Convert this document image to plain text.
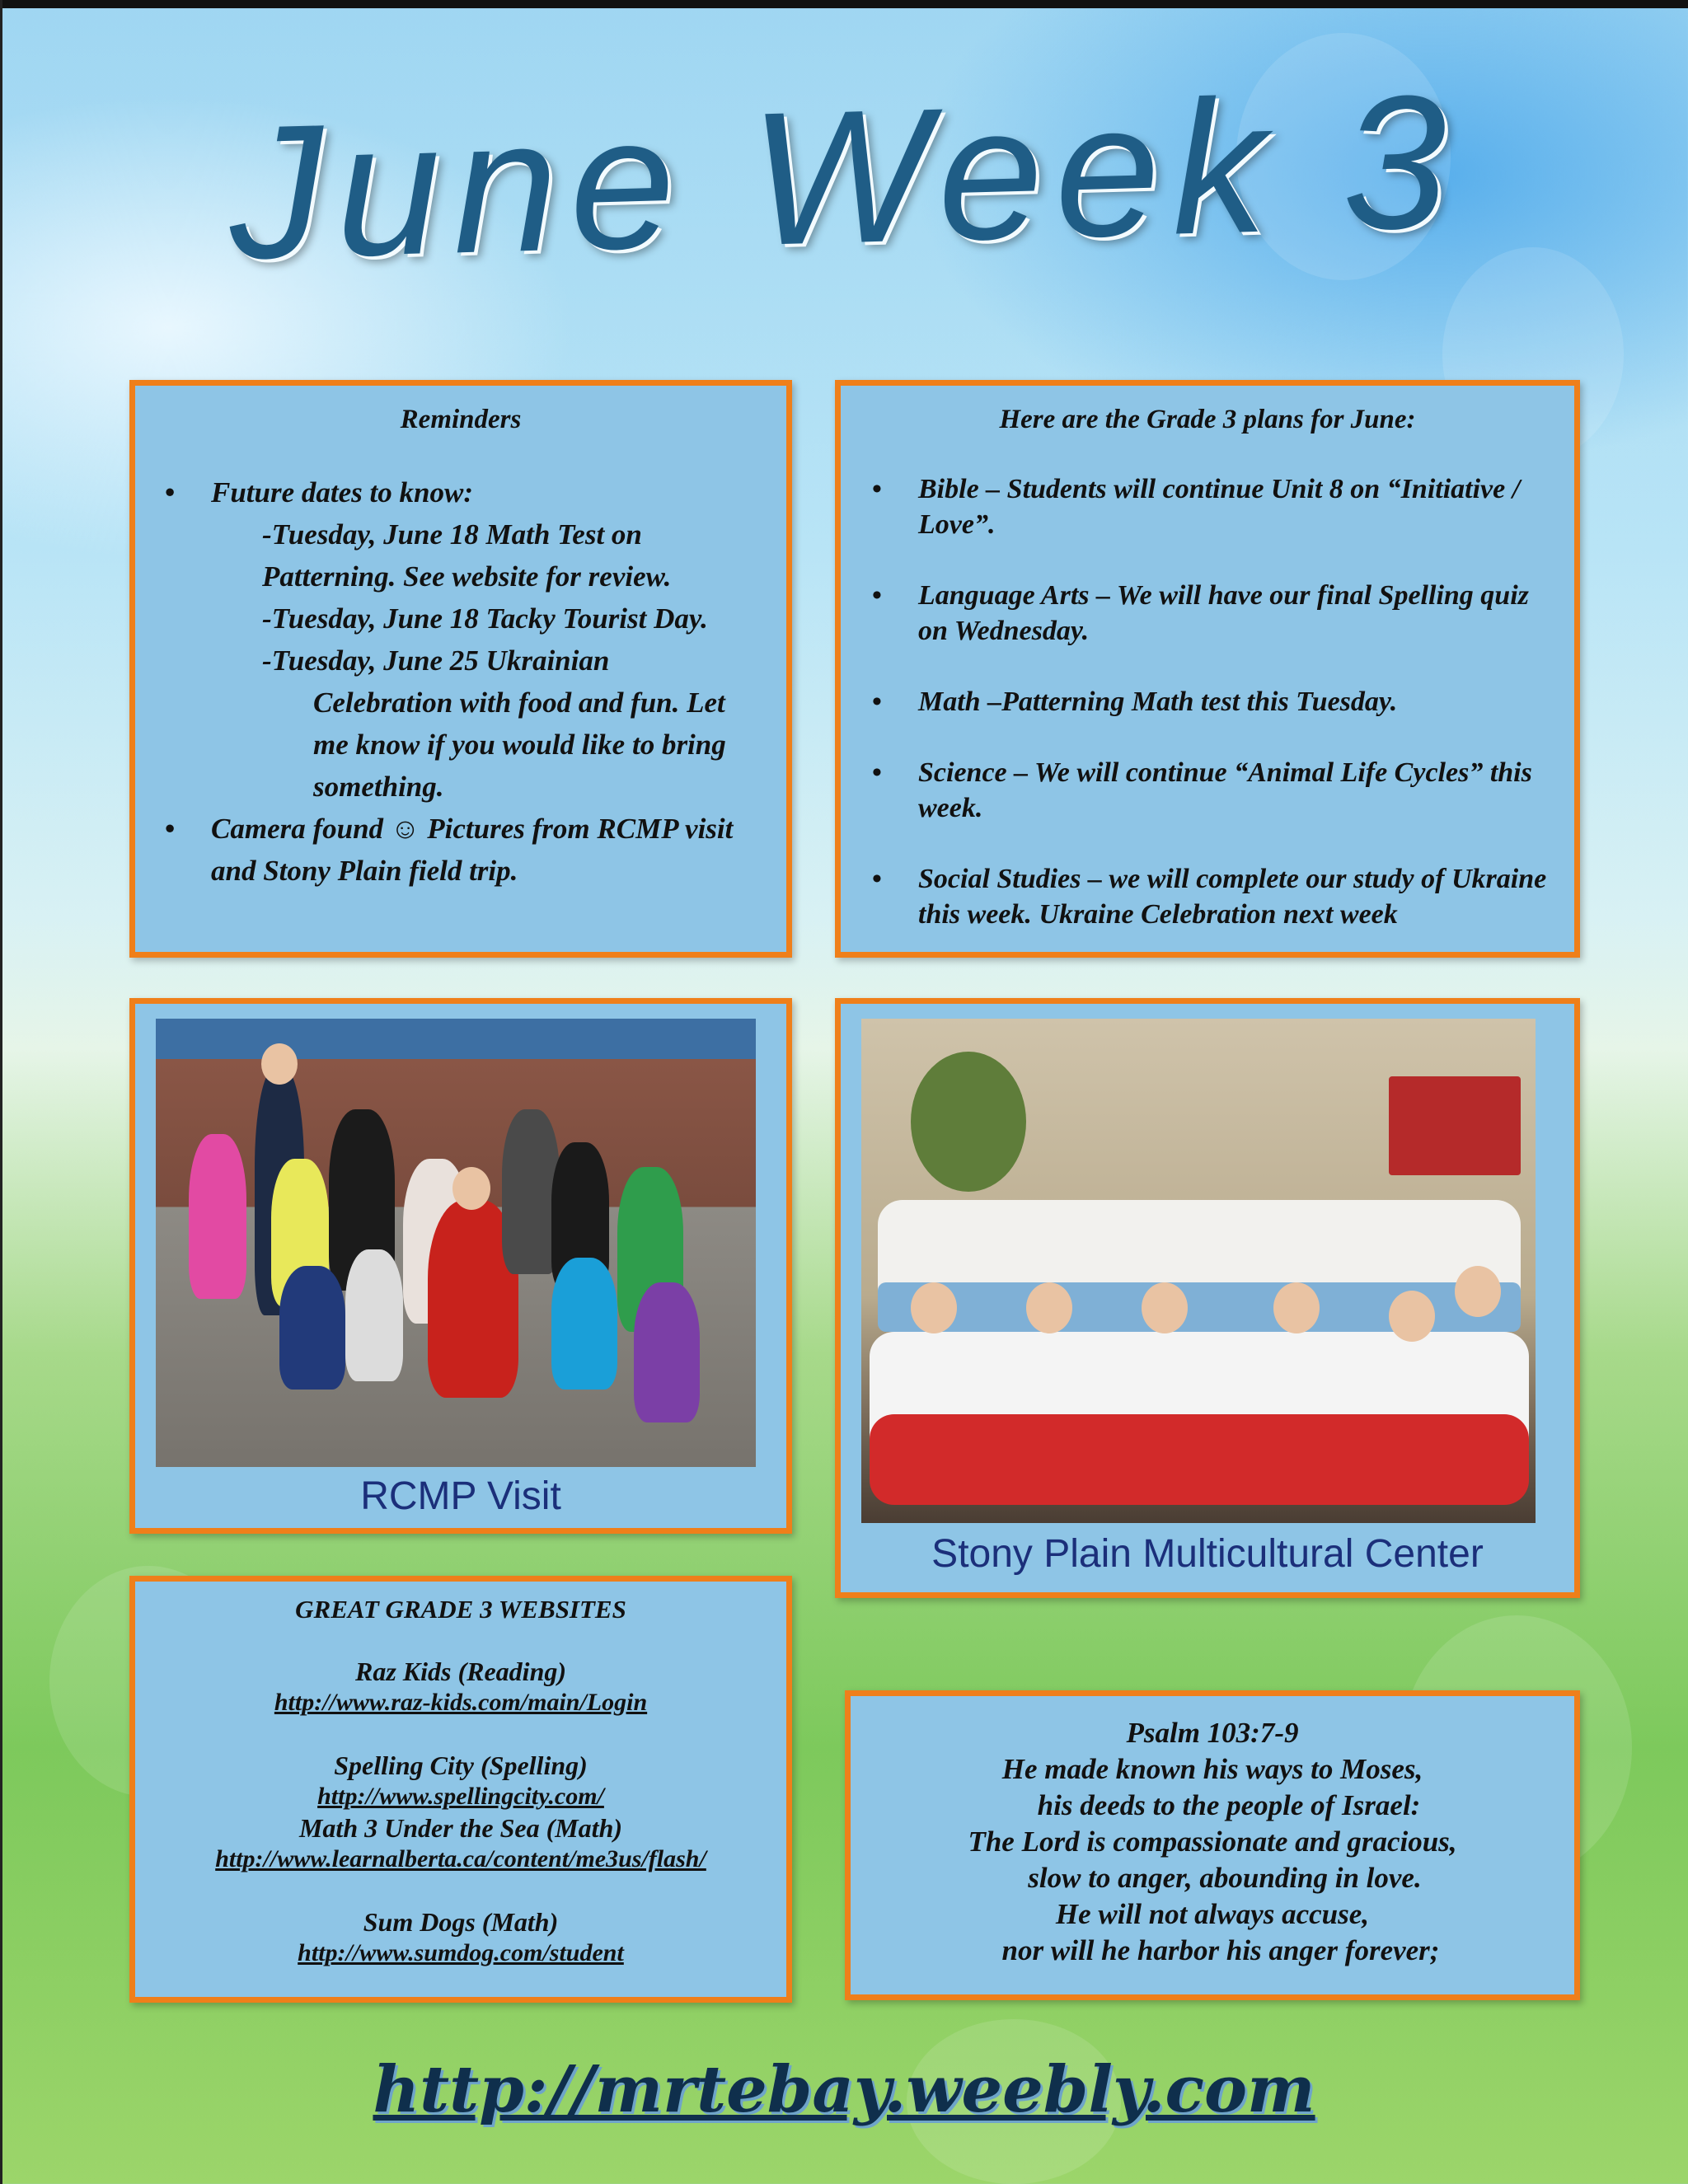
June Week 3
Reminders
• Future dates to know:
-Tuesday, June 18 Math Test on
Patterning. See website for review.
-Tuesday, June 18 Tacky Tourist Day.
-Tuesday, June 25 Ukrainian
Celebration with food and fun. Let
me know if you would like to bring
something.
• Camera found ☺ Pictures from RCMP visit
and Stony Plain field trip.
Here are the Grade 3 plans for June:
• Bible – Students will continue Unit 8 on “Initiative / Love”.
• Language Arts – We will have our final Spelling quiz on Wednesday.
• Math –Patterning Math test this Tuesday.
• Science – We will continue “Animal Life Cycles” this week.
• Social Studies – we will complete our study of Ukraine this week. Ukraine Celebration next week
RCMP Visit
Stony Plain Multicultural Center
GREAT GRADE 3 WEBSITES
Raz Kids (Reading)
http://www.raz-kids.com/main/Login
Spelling City (Spelling)
http://www.spellingcity.com/
Math 3 Under the Sea (Math)
http://www.learnalberta.ca/content/me3us/flash/
Sum Dogs (Math)
http://www.sumdog.com/student
Psalm 103:7-9
He made known his ways to Moses,
his deeds to the people of Israel:
The Lord is compassionate and gracious,
slow to anger, abounding in love.
He will not always accuse,
nor will he harbor his anger forever;
http://mrtebay.weebly.com
